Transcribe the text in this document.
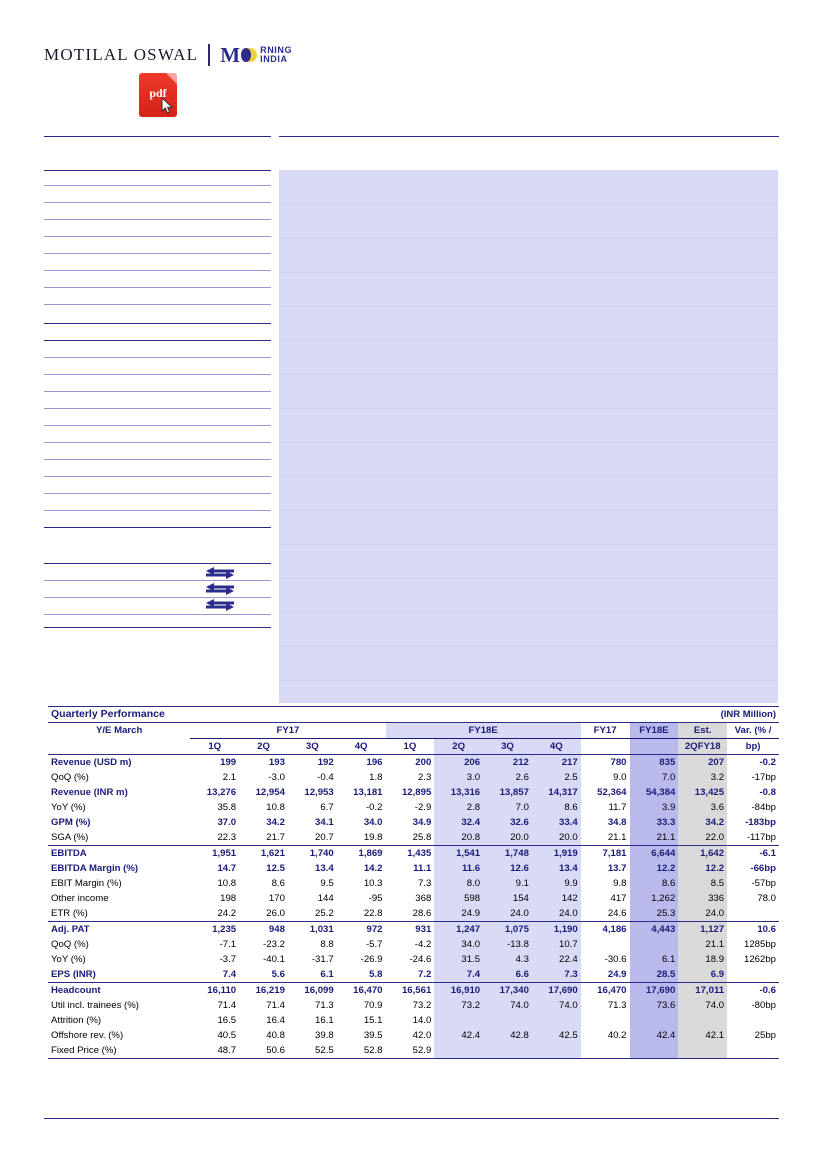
MOTILAL OSWAL M RNING
INDIA
pdf
Quarterly Performance							(INR Million)					
Y/E March	FY17				FY18E				FY17	FY18E	Est.	Var. (% /
	1Q	2Q	3Q	4Q	1Q	2Q	3Q	4Q			2QFY18	bp)
Revenue (USD m)	199	193	192	196	200	206	212	217	780	835	207	-0.2
QoQ (%)	2.1	-3.0	-0.4	1.8	2.3	3.0	2.6	2.5	9.0	7.0	3.2	-17bp
Revenue (INR m)	13,276	12,954	12,953	13,181	12,895	13,316	13,857	14,317	52,364	54,384	13,425	-0.8
YoY (%)	35.8	10.8	6.7	-0.2	-2.9	2.8	7.0	8.6	11.7	3.9	3.6	-84bp
GPM (%)	37.0	34.2	34.1	34.0	34.9	32.4	32.6	33.4	34.8	33.3	34.2	-183bp
SGA (%)	22.3	21.7	20.7	19.8	25.8	20.8	20.0	20.0	21.1	21.1	22.0	-117bp
EBITDA	1,951	1,621	1,740	1,869	1,435	1,541	1,748	1,919	7,181	6,644	1,642	-6.1
EBITDA Margin (%)	14.7	12.5	13.4	14.2	11.1	11.6	12.6	13.4	13.7	12.2	12.2	-66bp
EBIT Margin (%)	10.8	8.6	9.5	10.3	7.3	8.0	9.1	9.9	9.8	8.6	8.5	-57bp
Other income	198	170	144	-95	368	598	154	142	417	1,262	336	78.0
ETR (%)	24.2	26.0	25.2	22.8	28.6	24.9	24.0	24.0	24.6	25.3	24.0	
Adj. PAT	1,235	948	1,031	972	931	1,247	1,075	1,190	4,186	4,443	1,127	10.6
QoQ (%)	-7.1	-23.2	8.8	-5.7	-4.2	34.0	-13.8	10.7			21.1	1285bp
YoY (%)	-3.7	-40.1	-31.7	-26.9	-24.6	31.5	4.3	22.4	-30.6	6.1	18.9	1262bp
EPS (INR)	7.4	5.6	6.1	5.8	7.2	7.4	6.6	7.3	24.9	28.5	6.9	
Headcount	16,110	16,219	16,099	16,470	16,561	16,910	17,340	17,690	16,470	17,690	17,011	-0.6
Util incl. trainees (%)	71.4	71.4	71.3	70.9	73.2	73.2	74.0	74.0	71.3	73.6	74.0	-80bp
Attrition (%)	16.5	16.4	16.1	15.1	14.0							
Offshore rev. (%)	40.5	40.8	39.8	39.5	42.0	42.4	42.8	42.5	40.2	42.4	42.1	25bp
Fixed Price (%)	48.7	50.6	52.5	52.8	52.9							
